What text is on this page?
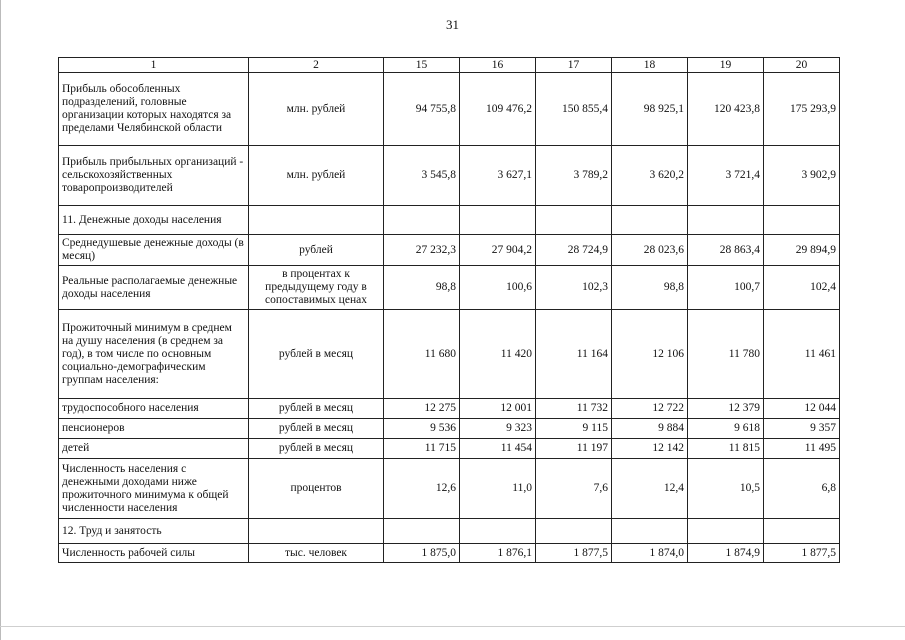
31
1	2	15	16	17	18	19	20
Прибыль обособленных подразделений, головные организации которых находятся за пределами Челябинской области	млн. рублей	94 755,8	109 476,2	150 855,4	98 925,1	120 423,8	175 293,9
Прибыль прибыльных организаций - сельскохозяйственных товаропроизводителей	млн. рублей	3 545,8	3 627,1	3 789,2	3 620,2	3 721,4	3 902,9
11. Денежные доходы населения							
Среднедушевые денежные доходы (в месяц)	рублей	27 232,3	27 904,2	28 724,9	28 023,6	28 863,4	29 894,9
Реальные располагаемые денежные доходы населения	в процентах к предыдущему году в сопоставимых ценах	98,8	100,6	102,3	98,8	100,7	102,4
Прожиточный минимум в среднем на душу населения (в среднем за год), в том числе по основным социально-демографическим группам населения:	рублей в месяц	11 680	11 420	11 164	12 106	11 780	11 461
трудоспособного населения	рублей в месяц	12 275	12 001	11 732	12 722	12 379	12 044
пенсионеров	рублей в месяц	9 536	9 323	9 115	9 884	9 618	9 357
детей	рублей в месяц	11 715	11 454	11 197	12 142	11 815	11 495
Численность населения с денежными доходами ниже прожиточного минимума к общей численности населения	процентов	12,6	11,0	7,6	12,4	10,5	6,8
12. Труд и занятость							
Численность рабочей силы	тыс. человек	1 875,0	1 876,1	1 877,5	1 874,0	1 874,9	1 877,5
